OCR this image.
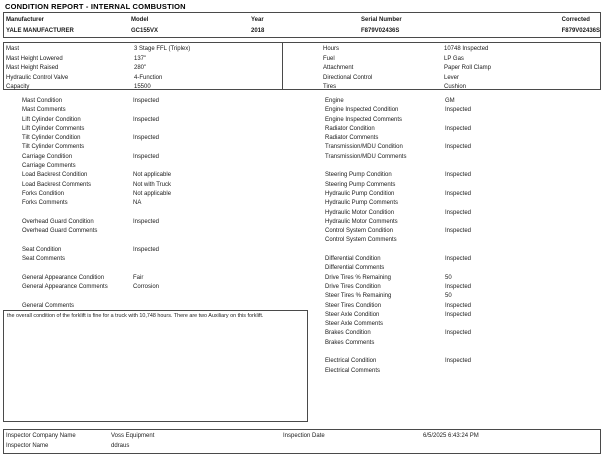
CONDITION REPORT - INTERNAL COMBUSTION
Manufacturer
YALE MANUFACTURER
Model
GC155VX
Year
2018
Serial Number
F879V02436S
Corrected
F879V02436S
Mast	3 Stage FFL (Triplex)
Mast Height Lowered	137"
Mast Height Raised	280"
Hydraulic Control Valve	4-Function
Capacity	15500
Hours	10748 Inspected
Fuel	LP Gas
Attachment	Paper Roll Clamp
Directional Control	Lever
Tires	Cushion
Mast Condition	Inspected
Mast Comments
Lift Cylinder Condition	Inspected
Lift Cylinder Comments
Tilt Cylinder Condition	Inspected
Tilt Cylinder Comments
Carriage Condition	Inspected
Carriage Comments
Load Backrest Condition	Not applicable
Load Backrest Comments	Not with Truck
Forks Condition	Not applicable
Forks Comments	NA
Overhead Guard Condition	Inspected
Overhead Guard Comments
Seat Condition	Inspected
Seat Comments
General Appearance Condition	Fair
General Appearance Comments	Corrosion
General Comments
Engine	GM
Engine Inspected Condition	Inspected
Engine Inspected Comments
Radiator Condition	Inspected
Radiator Comments
Transmission/MDU Condition	Inspected
Transmission/MDU Comments
Steering Pump Condition	Inspected
Steering Pump Comments
Hydraulic Pump Condition	Inspected
Hydraulic Pump Comments
Hydraulic Motor Condition	Inspected
Hydraulic Motor Comments
Control System Condition	Inspected
Control System Comments
Differential Condition	Inspected
Differential Comments
Drive Tires % Remaining	50
Drive Tires Condition	Inspected
Steer Tires % Remaining	50
Steer Tires Condition	Inspected
Steer Axle Condition	Inspected
Steer Axle Comments
Brakes Condition	Inspected
Brakes Comments
Electrical Condition	Inspected
Electrical Comments
the overall condition of the forklift is fine for a truck with 10,748 hours. There are two Auxiliary on this forklift.
Inspector Company Name	Voss Equipment	Inspection Date	6/5/2025 6:43:24 PM
Inspector Name	ddraus
